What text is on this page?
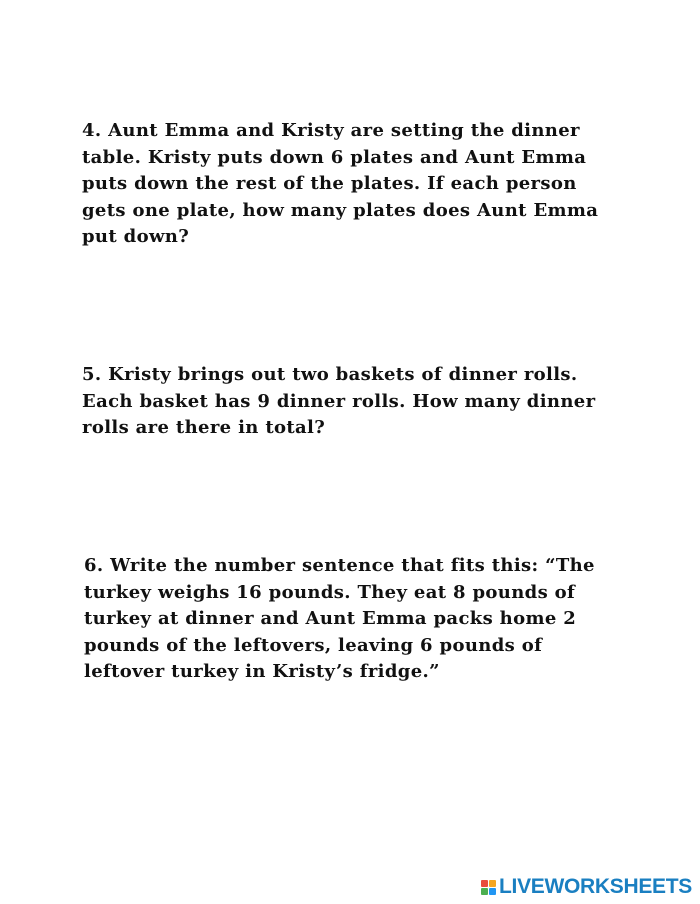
4. Aunt Emma and Kristy are setting the dinner
table. Kristy puts down 6 plates and Aunt Emma
puts down the rest of the plates. If each person
gets one plate, how many plates does Aunt Emma
put down?
5. Kristy brings out two baskets of dinner rolls.
Each basket has 9 dinner rolls. How many dinner
rolls are there in total?
6. Write the number sentence that fits this: “The
turkey weighs 16 pounds. They eat 8 pounds of
turkey at dinner and Aunt Emma packs home 2
pounds of the leftovers, leaving 6 pounds of
leftover turkey in Kristy’s fridge.”
LIVEWORKSHEETS
